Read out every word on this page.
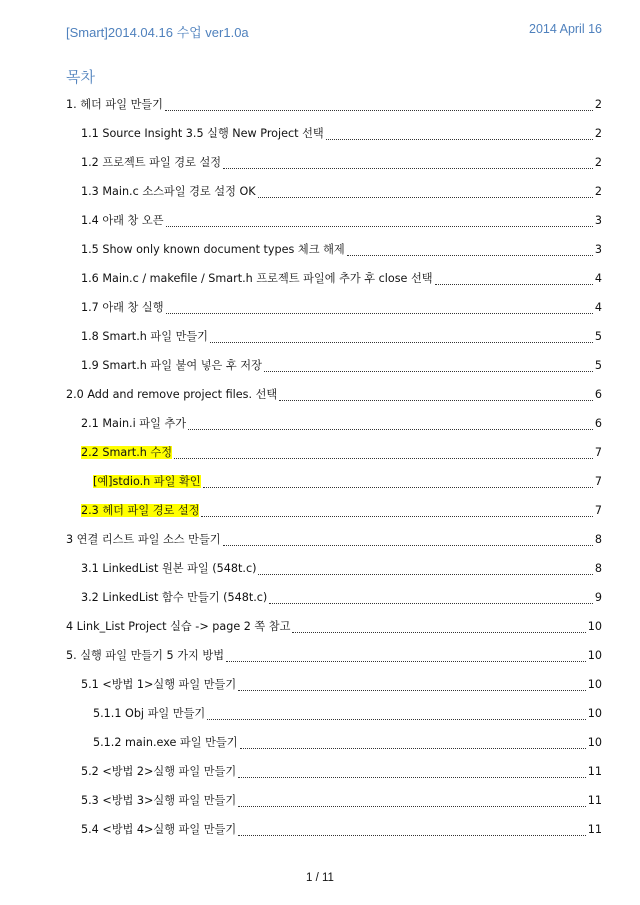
[Smart]2014.04.16 수업 ver1.0a	2014 April 16
목차
1. 헤더 파일 만들기	2
1.1 Source Insight 3.5 실행 New Project 선택	2
1.2 프로젝트 파일 경로 설정	2
1.3 Main.c 소스파일 경로 설정 OK	2
1.4 아래 창 오픈	3
1.5 Show only known document types 체크 해제	3
1.6 Main.c / makefile / Smart.h 프로젝트 파일에 추가 후 close 선택	4
1.7 아래 창 실행	4
1.8 Smart.h 파일 만들기	5
1.9 Smart.h 파일 붙여 넣은 후 저장	5
2.0 Add and remove project files. 선택	6
2.1 Main.i 파일 추가	6
2.2 Smart.h 수정	7
[예]stdio.h 파일 확인	7
2.3 헤더 파일 경로 설정	7
3 연결 리스트 파일 소스 만들기	8
3.1 LinkedList 원본 파일 (548t.c)	8
3.2 LinkedList 함수 만들기 (548t.c)	9
4 Link_List Project 실습 -> page 2 쪽 참고	10
5. 실행 파일 만들기 5 가지 방법	10
5.1 <방법 1>실행 파일 만들기	10
5.1.1 Obj 파일 만들기	10
5.1.2 main.exe 파일 만들기	10
5.2 <방법 2>실행 파일 만들기	11
5.3 <방법 3>실행 파일 만들기	11
5.4 <방법 4>실행 파일 만들기	11
1 / 11
